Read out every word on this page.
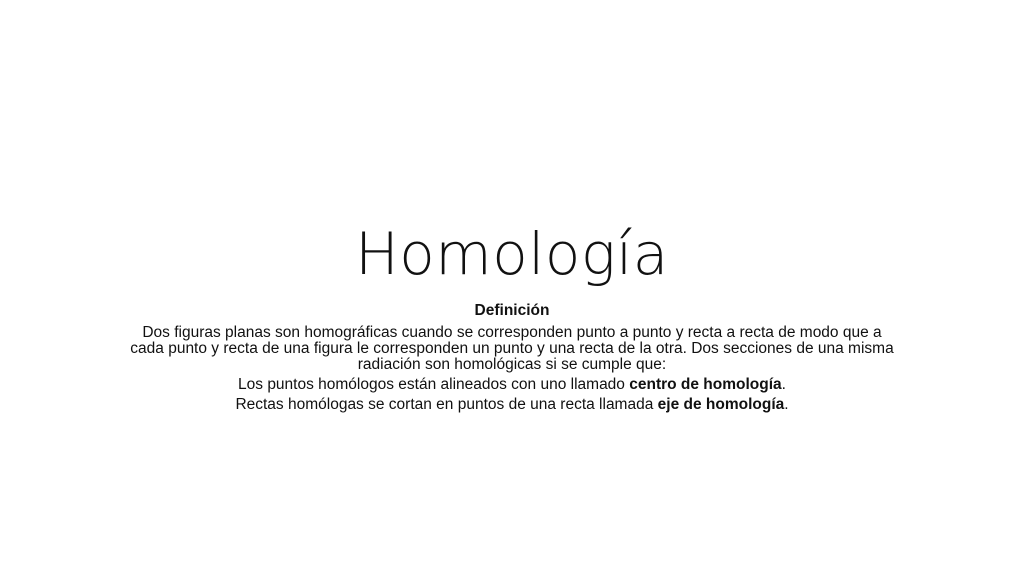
Homología
Definición

Dos figuras planas son homográficas cuando se corresponden punto a punto y recta a recta de modo que a cada punto y recta de una figura le corresponden un punto y una recta de la otra. Dos secciones de una misma radiación son homológicas si se cumple que:

Los puntos homólogos están alineados con uno llamado centro de homología.

Rectas homólogas se cortan en puntos de una recta llamada eje de homología.
